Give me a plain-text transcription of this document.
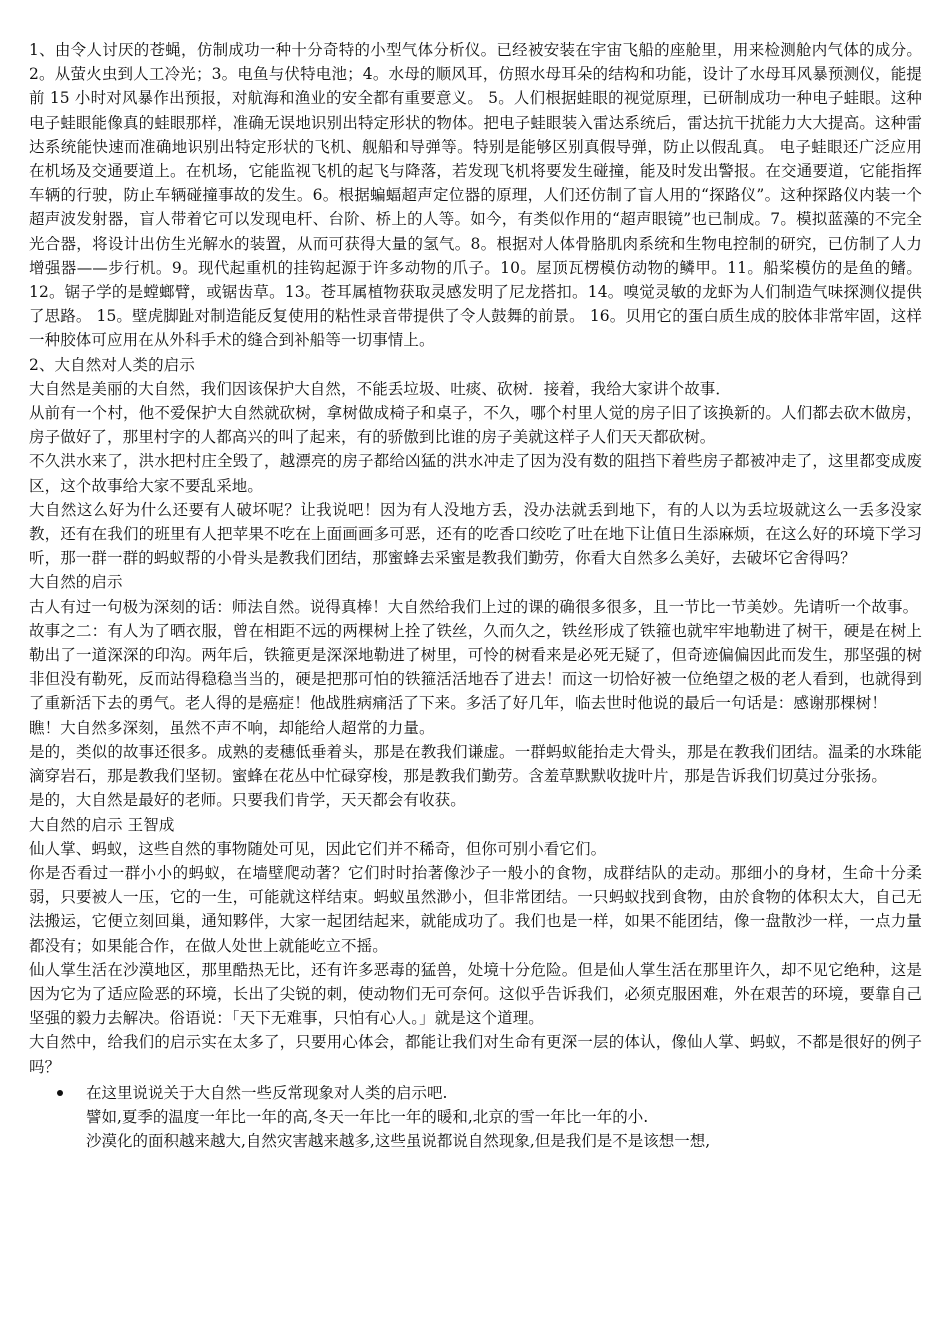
1、由令人讨厌的苍蝇，仿制成功一种十分奇特的小型气体分析仪。已经被安装在宇宙飞船的座舱里，用来检测舱内气体的成分。2。从萤火虫到人工冷光；3。电鱼与伏特电池；4。水母的顺风耳，仿照水母耳朵的结构和功能，设计了水母耳风暴预测仪，能提前 15 小时对风暴作出预报，对航海和渔业的安全都有重要意义。 5。人们根据蛙眼的视觉原理，已研制成功一种电子蛙眼。这种电子蛙眼能像真的蛙眼那样，准确无误地识别出特定形状的物体。把电子蛙眼装入雷达系统后，雷达抗干扰能力大大提高。这种雷达系统能快速而准确地识别出特定形状的飞机、舰船和导弹等。特别是能够区别真假导弹，防止以假乱真。 电子蛙眼还广泛应用在机场及交通要道上。在机场，它能监视飞机的起飞与降落，若发现飞机将要发生碰撞，能及时发出警报。在交通要道，它能指挥车辆的行驶，防止车辆碰撞事故的发生。6。根据蝙蝠超声定位器的原理，人们还仿制了盲人用的“探路仪”。这种探路仪内装一个超声波发射器，盲人带着它可以发现电杆、台阶、桥上的人等。如今，有类似作用的“超声眼镜”也已制成。7。模拟蓝藻的不完全光合器，将设计出仿生光解水的装置，从而可获得大量的氢气。8。根据对人体骨胳肌肉系统和生物电控制的研究，已仿制了人力增强器——步行机。9。现代起重机的挂钩起源于许多动物的爪子。10。屋顶瓦楞模仿动物的鳞甲。11。船桨模仿的是鱼的鳍。12。锯子学的是螳螂臂，或锯齿草。13。苍耳属植物获取灵感发明了尼龙搭扣。14。嗅觉灵敏的龙虾为人们制造气味探测仪提供了思路。 15。壁虎脚趾对制造能反复使用的粘性录音带提供了令人鼓舞的前景。 16。贝用它的蛋白质生成的胶体非常牢固，这样一种胶体可应用在从外科手术的缝合到补船等一切事情上。

2、大自然对人类的启示

大自然是美丽的大自然，我们因该保护大自然，不能丢垃圾、吐痰、砍树．接着，我给大家讲个故事．

从前有一个村，他不爱保护大自然就砍树，拿树做成椅子和桌子，不久，哪个村里人觉的房子旧了该换新的。人们都去砍木做房，房子做好了，那里村字的人都高兴的叫了起来，有的骄傲到比谁的房子美就这样子人们天天都砍树。

不久洪水来了，洪水把村庄全毁了，越漂亮的房子都给凶猛的洪水冲走了因为没有数的阻挡下着些房子都被冲走了，这里都变成废区，这个故事给大家不要乱采地。

大自然这么好为什么还要有人破坏呢？让我说吧！因为有人没地方丢，没办法就丢到地下，有的人以为丢垃圾就这么一丢多没家教，还有在我们的班里有人把苹果不吃在上面画画多可恶，还有的吃香口绞吃了吐在地下让值日生添麻烦，在这么好的环境下学习听，那一群一群的蚂蚁帮的小骨头是教我们团结，那蜜蜂去采蜜是教我们勤劳，你看大自然多么美好，去破坏它舍得吗？

大自然的启示

古人有过一句极为深刻的话：师法自然。说得真棒！大自然给我们上过的课的确很多很多，且一节比一节美妙。先请听一个故事。

故事之二：有人为了晒衣服，曾在相距不远的两棵树上拴了铁丝，久而久之，铁丝形成了铁箍也就牢牢地勒进了树干，硬是在树上勒出了一道深深的印沟。两年后，铁箍更是深深地勒进了树里，可怜的树看来是必死无疑了，但奇迹偏偏因此而发生，那坚强的树非但没有勒死，反而站得稳稳当当的，硬是把那可怕的铁箍活活地吞了进去！而这一切恰好被一位绝望之极的老人看到，也就得到了重新活下去的勇气。老人得的是癌症！他战胜病痛活了下来。多活了好几年，临去世时他说的最后一句话是：感谢那棵树！

瞧！大自然多深刻，虽然不声不响，却能给人超常的力量。

是的，类似的故事还很多。成熟的麦穗低垂着头，那是在教我们谦虚。一群蚂蚁能抬走大骨头，那是在教我们团结。温柔的水珠能滴穿岩石，那是教我们坚韧。蜜蜂在花丛中忙碌穿梭，那是教我们勤劳。含羞草默默收拢叶片，那是告诉我们切莫过分张扬。

是的，大自然是最好的老师。只要我们肯学，天天都会有收获。

大自然的启示 王智成

仙人掌、蚂蚁，这些自然的事物随处可见，因此它们并不稀奇，但你可别小看它们。

你是否看过一群小小的蚂蚁，在墙壁爬动著？它们时时抬著像沙子一般小的食物，成群结队的走动。那细小的身材，生命十分柔弱，只要被人一压，它的一生，可能就这样结束。蚂蚁虽然渺小，但非常团结。一只蚂蚁找到食物，由於食物的体积太大，自己无法搬运，它便立刻回巢，通知夥伴，大家一起团结起来，就能成功了。我们也是一样，如果不能团结，像一盘散沙一样，一点力量都没有；如果能合作，在做人处世上就能屹立不摇。

仙人掌生活在沙漠地区，那里酷热无比，还有许多恶毒的猛兽，处境十分危险。但是仙人掌生活在那里许久，却不见它绝种，这是因为它为了适应险恶的环境，长出了尖锐的刺，使动物们无可奈何。这似乎告诉我们，必须克服困难，外在艰苦的环境，要靠自己坚强的毅力去解决。俗语说：「天下无难事，只怕有心人。」就是这个道理。

大自然中，给我们的启示实在太多了，只要用心体会，都能让我们对生命有更深一层的体认，像仙人掌、蚂蚁，不都是很好的例子吗？

在这里说说关于大自然一些反常现象对人类的启示吧.

譬如,夏季的温度一年比一年的高,冬天一年比一年的暖和,北京的雪一年比一年的小.

沙漠化的面积越来越大,自然灾害越来越多,这些虽说都说自然现象,但是我们是不是该想一想,
